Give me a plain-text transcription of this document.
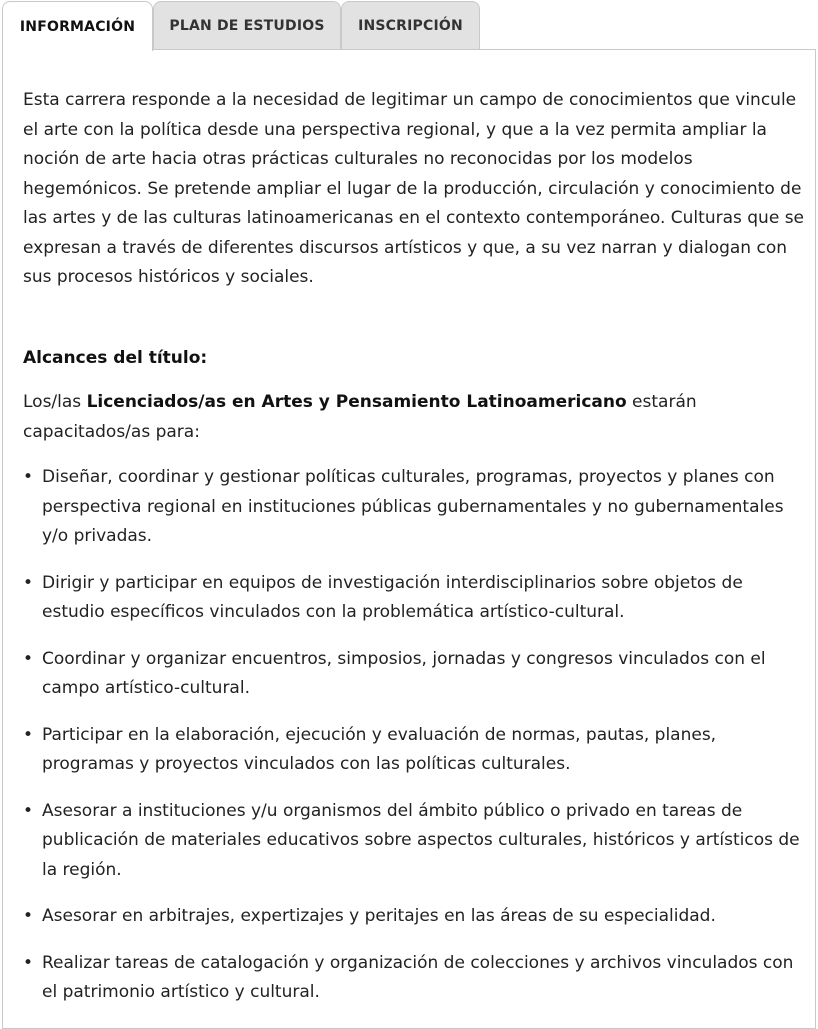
INFORMACIÓN PLAN DE ESTUDIOS INSCRIPCIÓN

Esta carrera responde a la necesidad de legitimar un campo de conocimientos que vincule el arte con la política desde una perspectiva regional, y que a la vez permita ampliar la noción de arte hacia otras prácticas culturales no reconocidas por los modelos hegemónicos. Se pretende ampliar el lugar de la producción, circulación y conocimiento de las artes y de las culturas latinoamericanas en el contexto contemporáneo. Culturas que se expresan a través de diferentes discursos artísticos y que, a su vez narran y dialogan con sus procesos históricos y sociales.

Alcances del título:

Los/las Licenciados/as en Artes y Pensamiento Latinoamericano estarán capacitados/as para:

• Diseñar, coordinar y gestionar políticas culturales, programas, proyectos y planes con perspectiva regional en instituciones públicas gubernamentales y no gubernamentales y/o privadas.
• Dirigir y participar en equipos de investigación interdisciplinarios sobre objetos de estudio específicos vinculados con la problemática artístico-cultural.
• Coordinar y organizar encuentros, simposios, jornadas y congresos vinculados con el campo artístico-cultural.
• Participar en la elaboración, ejecución y evaluación de normas, pautas, planes, programas y proyectos vinculados con las políticas culturales.
• Asesorar a instituciones y/u organismos del ámbito público o privado en tareas de publicación de materiales educativos sobre aspectos culturales, históricos y artísticos de la región.
• Asesorar en arbitrajes, expertizajes y peritajes en las áreas de su especialidad.
• Realizar tareas de catalogación y organización de colecciones y archivos vinculados con el patrimonio artístico y cultural.
